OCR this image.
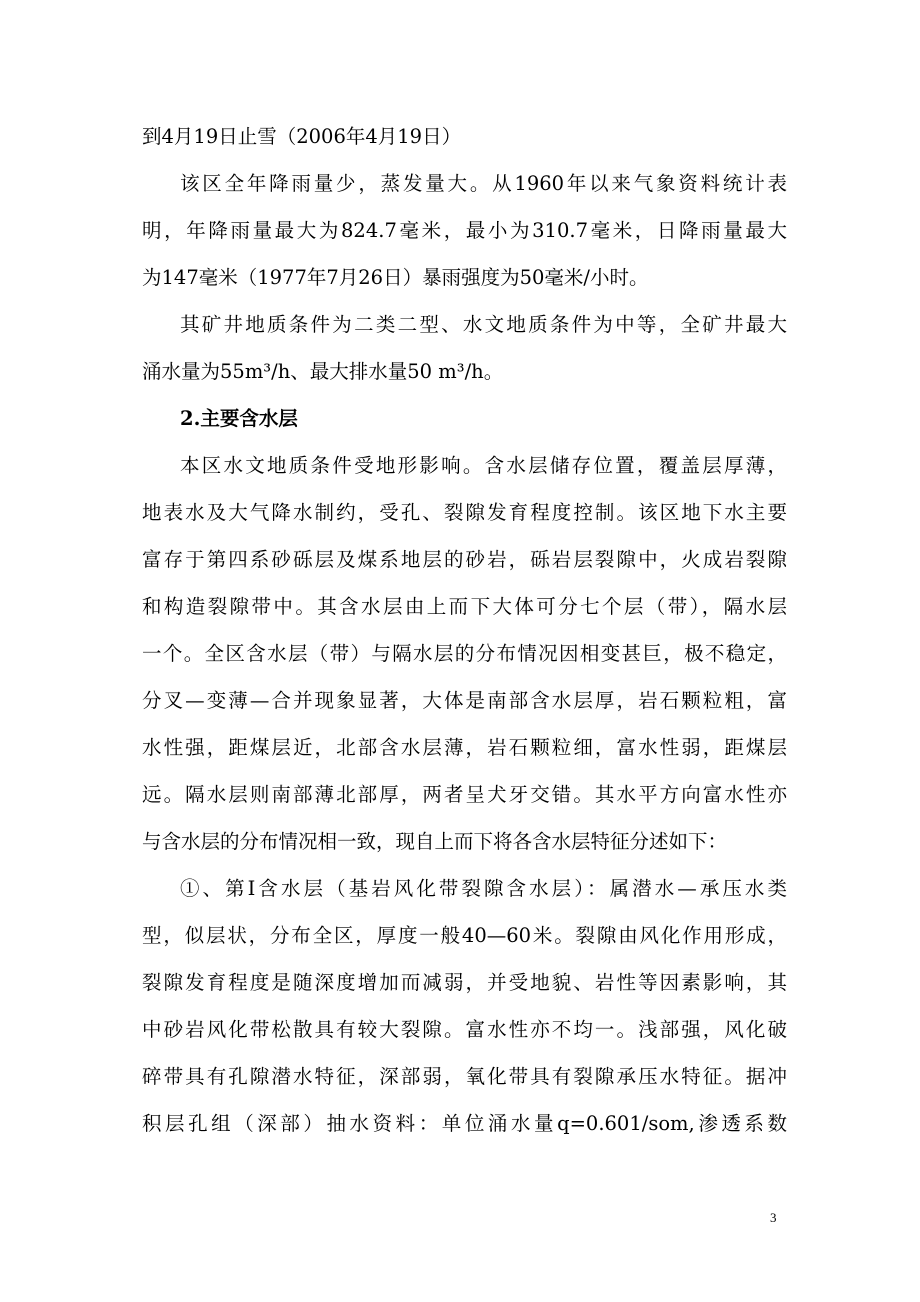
到4月19日止雪（2006年4月19日）
该区全年降雨量少，蒸发量大。从1960年以来气象资料统计表
明，年降雨量最大为824.7毫米，最小为310.7毫米，日降雨量最大
为147毫米（1977年7月26日）暴雨强度为50毫米/小时。
其矿井地质条件为二类二型、水文地质条件为中等，全矿井最大
涌水量为55m³/h、最大排水量50 m³/h。
2.主要含水层
本区水文地质条件受地形影响。含水层储存位置，覆盖层厚薄，
地表水及大气降水制约，受孔、裂隙发育程度控制。该区地下水主要
富存于第四系砂砾层及煤系地层的砂岩，砾岩层裂隙中，火成岩裂隙
和构造裂隙带中。其含水层由上而下大体可分七个层（带），隔水层
一个。全区含水层（带）与隔水层的分布情况因相变甚巨，极不稳定，
分叉—变薄—合并现象显著，大体是南部含水层厚，岩石颗粒粗，富
水性强，距煤层近，北部含水层薄，岩石颗粒细，富水性弱，距煤层
远。隔水层则南部薄北部厚，两者呈犬牙交错。其水平方向富水性亦
与含水层的分布情况相一致，现自上而下将各含水层特征分述如下：
①、第Ⅰ含水层（基岩风化带裂隙含水层）：属潜水—承压水类
型，似层状，分布全区，厚度一般40—60米。裂隙由风化作用形成，
裂隙发育程度是随深度增加而减弱，并受地貌、岩性等因素影响，其
中砂岩风化带松散具有较大裂隙。富水性亦不均一。浅部强，风化破
碎带具有孔隙潜水特征，深部弱，氧化带具有裂隙承压水特征。据冲
积层孔组（深部）抽水资料：单位涌水量q=0.601/som,渗透系数
3
